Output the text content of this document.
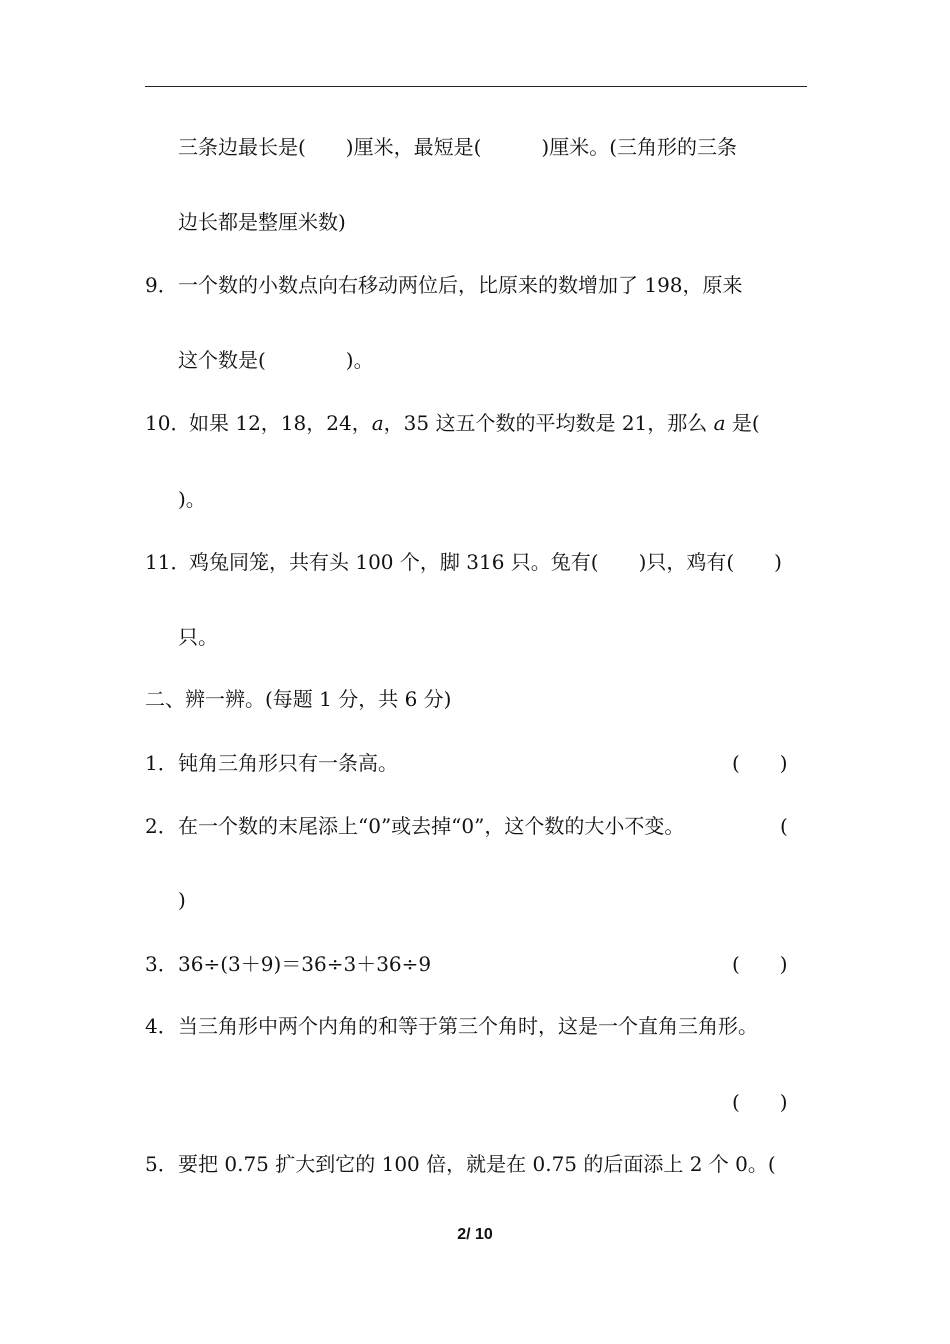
三条边最长是(　　)厘米，最短是(　　　)厘米。(三角形的三条
边长都是整厘米数)
9． 一个数的小数点向右移动两位后，比原来的数增加了 198，原来
这个数是(　　　　)。
10．
如果 12，18，24，a，35 这五个数的平均数是 21，那么 a 是(
)。
11．
鸡兔同笼，共有头 100 个，脚 316 只。兔有(　　)只，鸡有(　　)
只。
二、辨一辨。(每题 1 分，共 6 分)
1． 钝角三角形只有一条高。	(　　)
2． 在一个数的末尾添上“0”或去掉“0”，这个数的大小不变。	(
)
3． 36÷(3＋9)＝36÷3＋36÷9	(　　)
4． 当三角形中两个内角的和等于第三个角时，这是一个直角三角形。
(　　)
5． 要把 0.75 扩大到它的 100 倍，就是在 0.75 的后面添上 2 个 0。(
2/ 10
